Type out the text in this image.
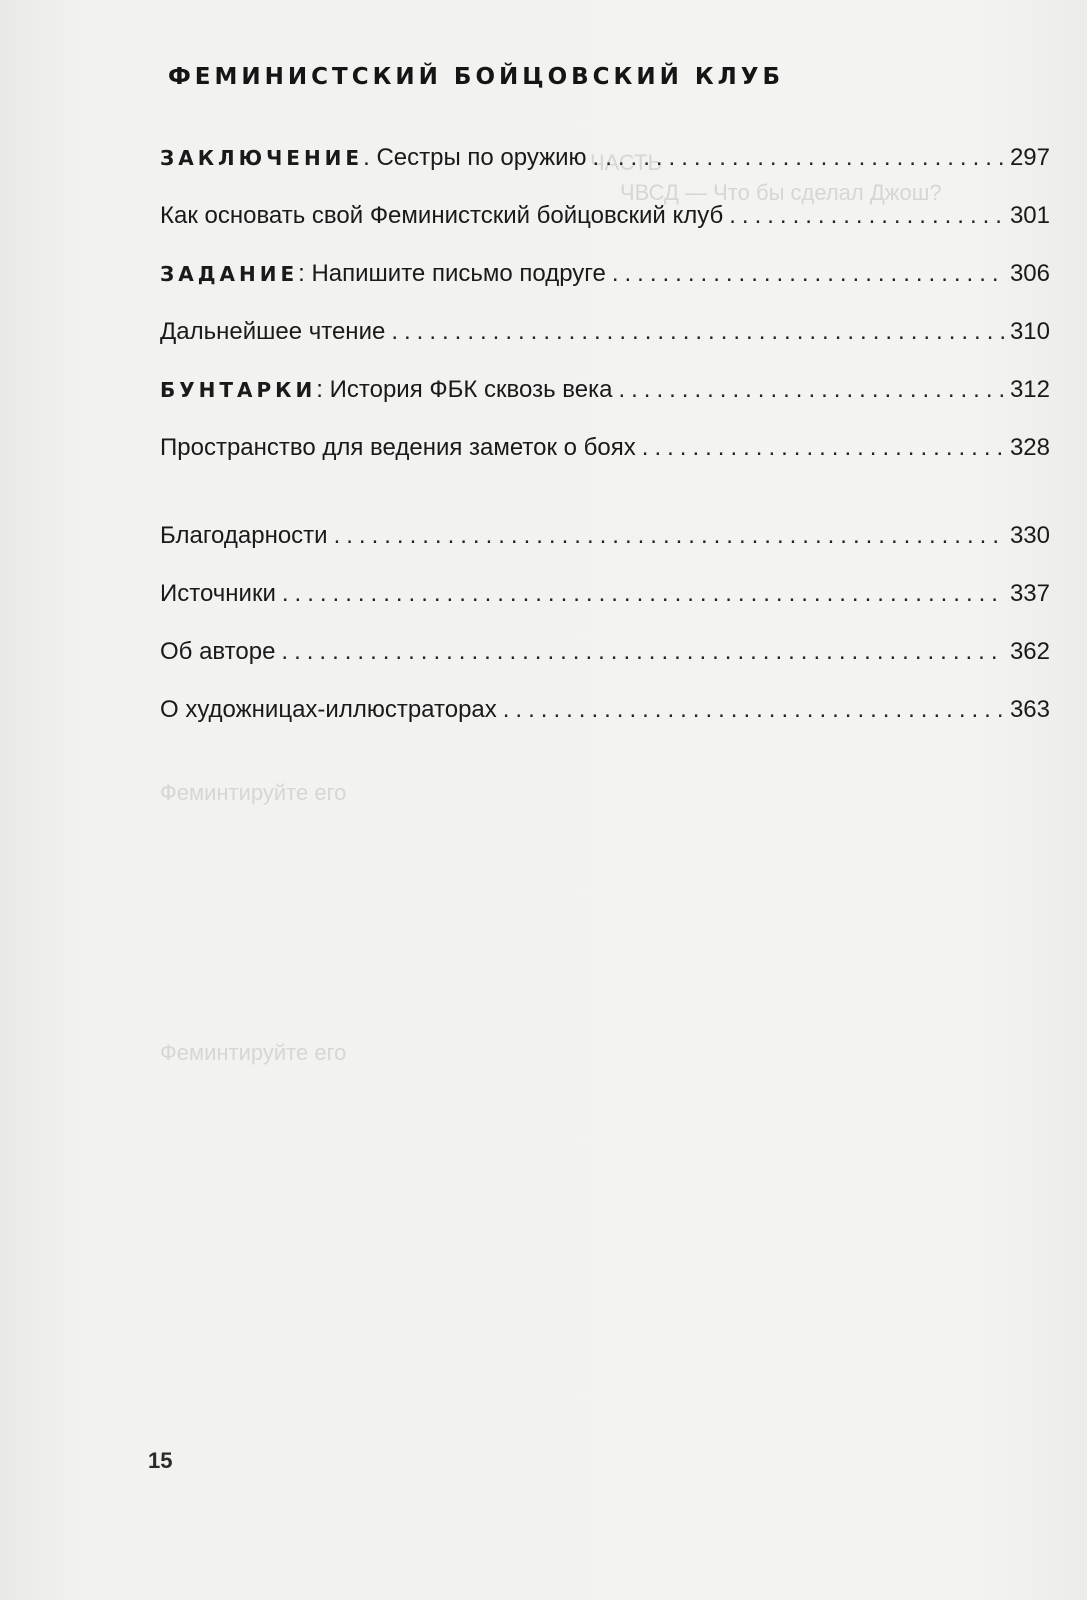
ЧАСТЬ
ЧВСД — Что бы сделал Джош?
Феминтируйте его
Феминтируйте его
ФЕМИНИСТСКИЙ БОЙЦОВСКИЙ КЛУБ
ЗАКЛЮЧЕНИЕ. Сестры по оружию .....	297
Как основать свой Феминистский бойцовский клуб .....	301
ЗАДАНИЕ: Напишите письмо подруге .....	306
Дальнейшее чтение .....	310
БУНТАРКИ: История ФБК сквозь века .....	312
Пространство для ведения заметок о боях .....	328
Благодарности .....	330
Источники .....	337
Об авторе .....	362
О художницах-иллюстраторах .....	363
15
